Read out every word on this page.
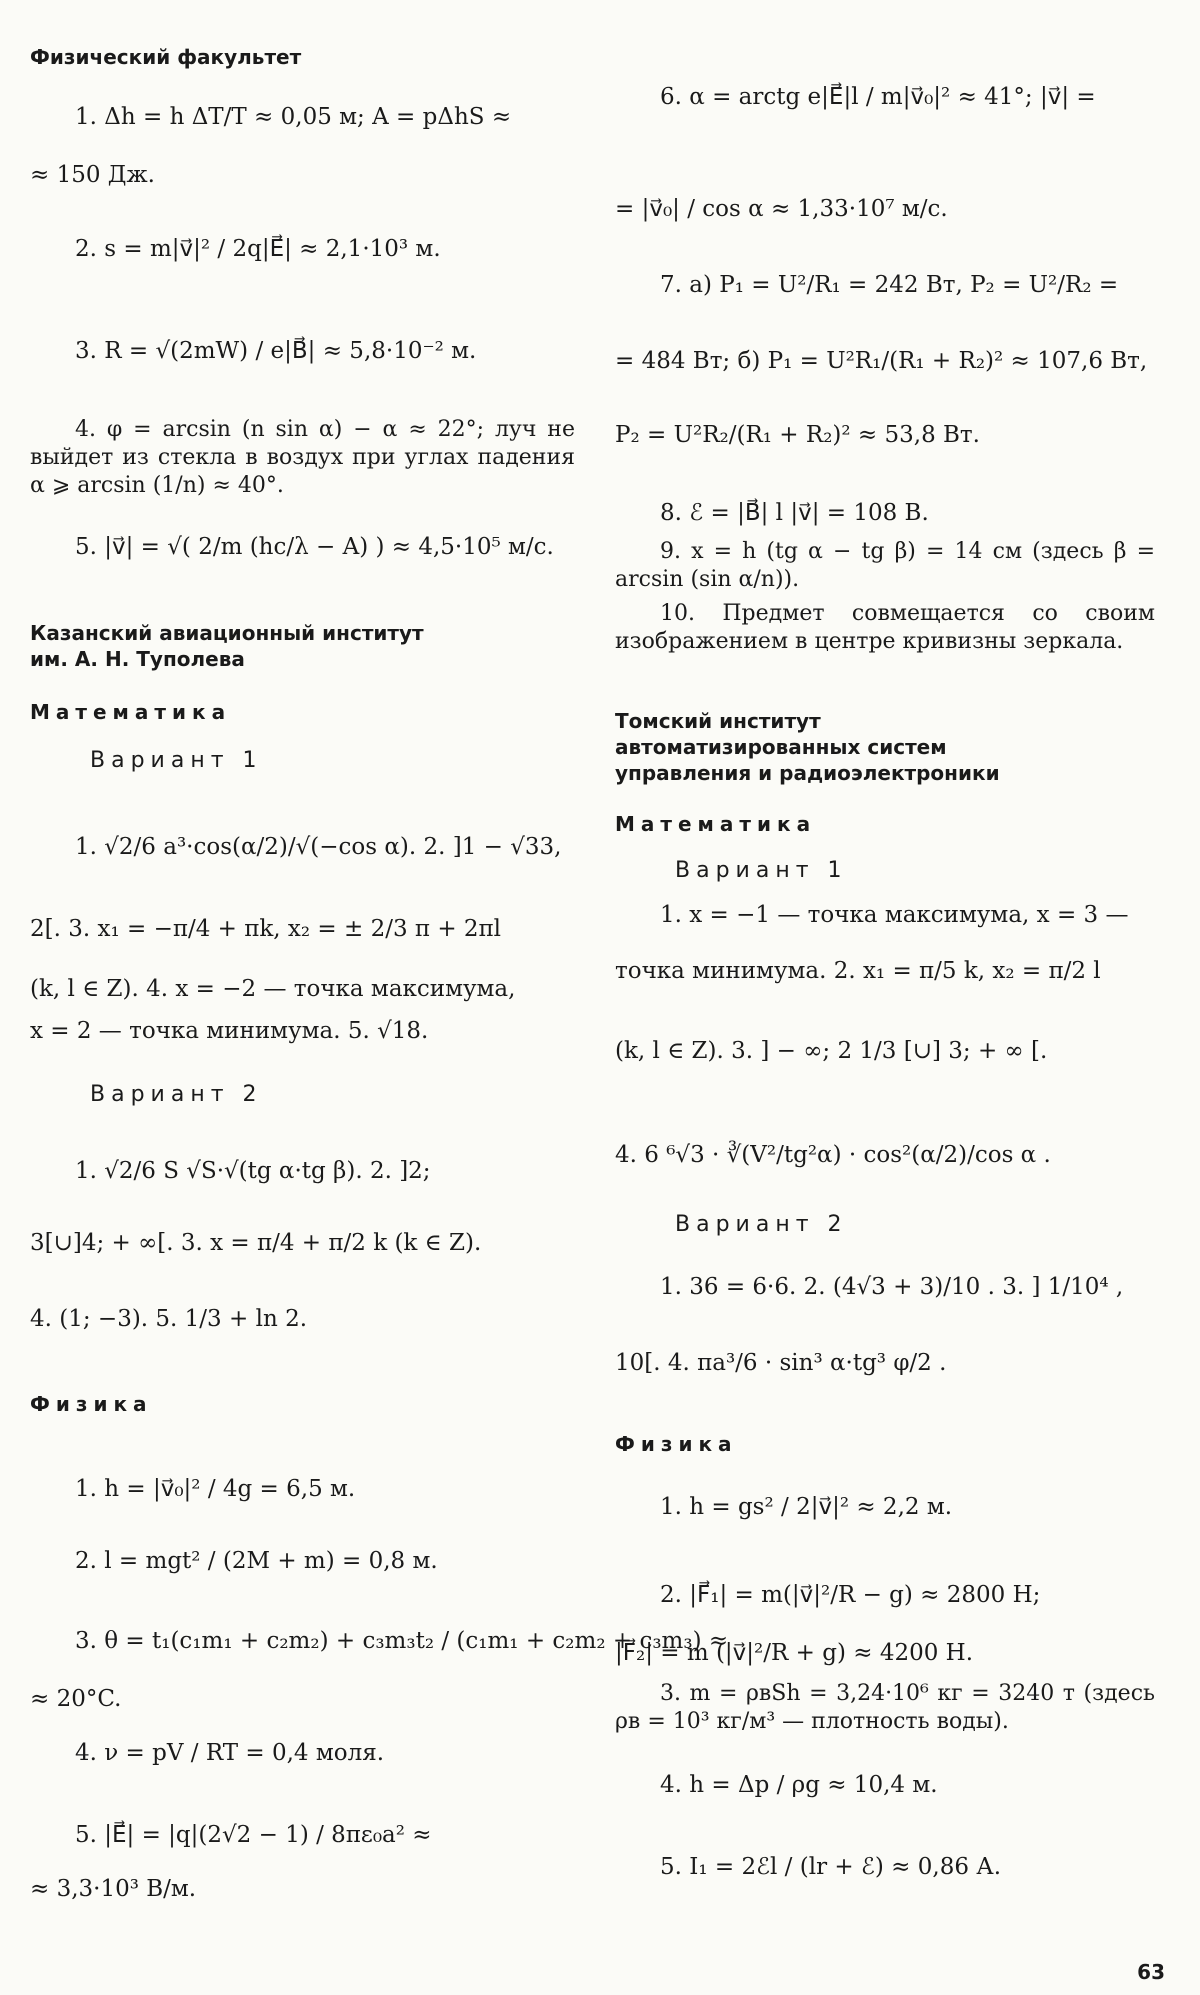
Физический факультет

1. Δh = h ΔT/T ≈ 0,05 м; A = pΔhS ≈
≈ 150 Дж.
2. s = m|v⃗|² / 2q|E⃗| ≈ 2,1·10³ м.
3. R = √(2mW) / e|B⃗| ≈ 5,8·10⁻² м.
4. φ = arcsin (n sin α) − α ≈ 22°; луч не выйдет из стекла в воздух при углах падения α ⩾ arcsin (1/n) ≈ 40°.
5. |v⃗| = √( 2/m (hc/λ − A) ) ≈ 4,5·10⁵ м/с.

Казанский авиационный институт

им. А. Н. Туполева

Математика

Вариант 1
1. √2/6 a³·cos(α/2)/√(−cos α). 2. ]1 − √33,
2[. 3. x₁ = −π/4 + πk, x₂ = ± 2/3 π + 2πl
(k, l ∈ Z). 4. x = −2 — точка максимума,
x = 2 — точка минимума. 5. √18.
Вариант 2
1. √2/6 S √S·√(tg α·tg β). 2. ]2;
3[∪]4; + ∞[. 3. x = π/4 + π/2 k (k ∈ Z).
4. (1; −3). 5. 1/3 + ln 2.

Физика

1. h = |v⃗₀|² / 4g = 6,5 м.
2. l = mgt² / (2M + m) = 0,8 м.
3. θ = t₁(c₁m₁ + c₂m₂) + c₃m₃t₂ / (c₁m₁ + c₂m₂ + c₃m₃) ≈
≈ 20°C.
4. ν = pV / RT = 0,4 моля.
5. |E⃗| = |q|(2√2 − 1) / 8πε₀a² ≈
≈ 3,3·10³ В/м.
6. α = arctg e|E⃗|l / m|v⃗₀|² ≈ 41°; |v⃗| =
= |v⃗₀| / cos α ≈ 1,33·10⁷ м/с.
7. а) P₁ = U²/R₁ = 242 Вт, P₂ = U²/R₂ =
= 484 Вт; б) P₁ = U²R₁/(R₁ + R₂)² ≈ 107,6 Вт,
P₂ = U²R₂/(R₁ + R₂)² ≈ 53,8 Вт.
8. ℰ = |B⃗| l |v⃗| = 108 В.
9. x = h (tg α − tg β) = 14 см (здесь β = arcsin (sin α/n)).
10. Предмет совмещается со своим изображением в центре кривизны зеркала.

Томский институт

автоматизированных систем

управления и радиоэлектроники

Математика

Вариант 1
1. x = −1 — точка максимума, x = 3 —
точка минимума. 2. x₁ = π/5 k, x₂ = π/2 l
(k, l ∈ Z). 3. ] − ∞; 2 1/3 [∪] 3; + ∞ [.
4. 6 ⁶√3 · ∛(V²/tg²α) · cos²(α/2)/cos α .
Вариант 2
1. 36 = 6·6. 2. (4√3 + 3)/10 . 3. ] 1/10⁴ ,
10[. 4. πa³/6 · sin³ α·tg³ φ/2 .

Физика

1. h = gs² / 2|v⃗|² ≈ 2,2 м.
2. |F⃗₁| = m(|v⃗|²/R − g) ≈ 2800 Н;
|F⃗₂| = m (|v⃗|²/R + g) ≈ 4200 Н.
3. m = ρвSh = 3,24·10⁶ кг = 3240 т (здесь ρв = 10³ кг/м³ — плотность воды).
4. h = Δp / ρg ≈ 10,4 м.
5. I₁ = 2ℰl / (lr + ℰ) ≈ 0,86 А.
63
